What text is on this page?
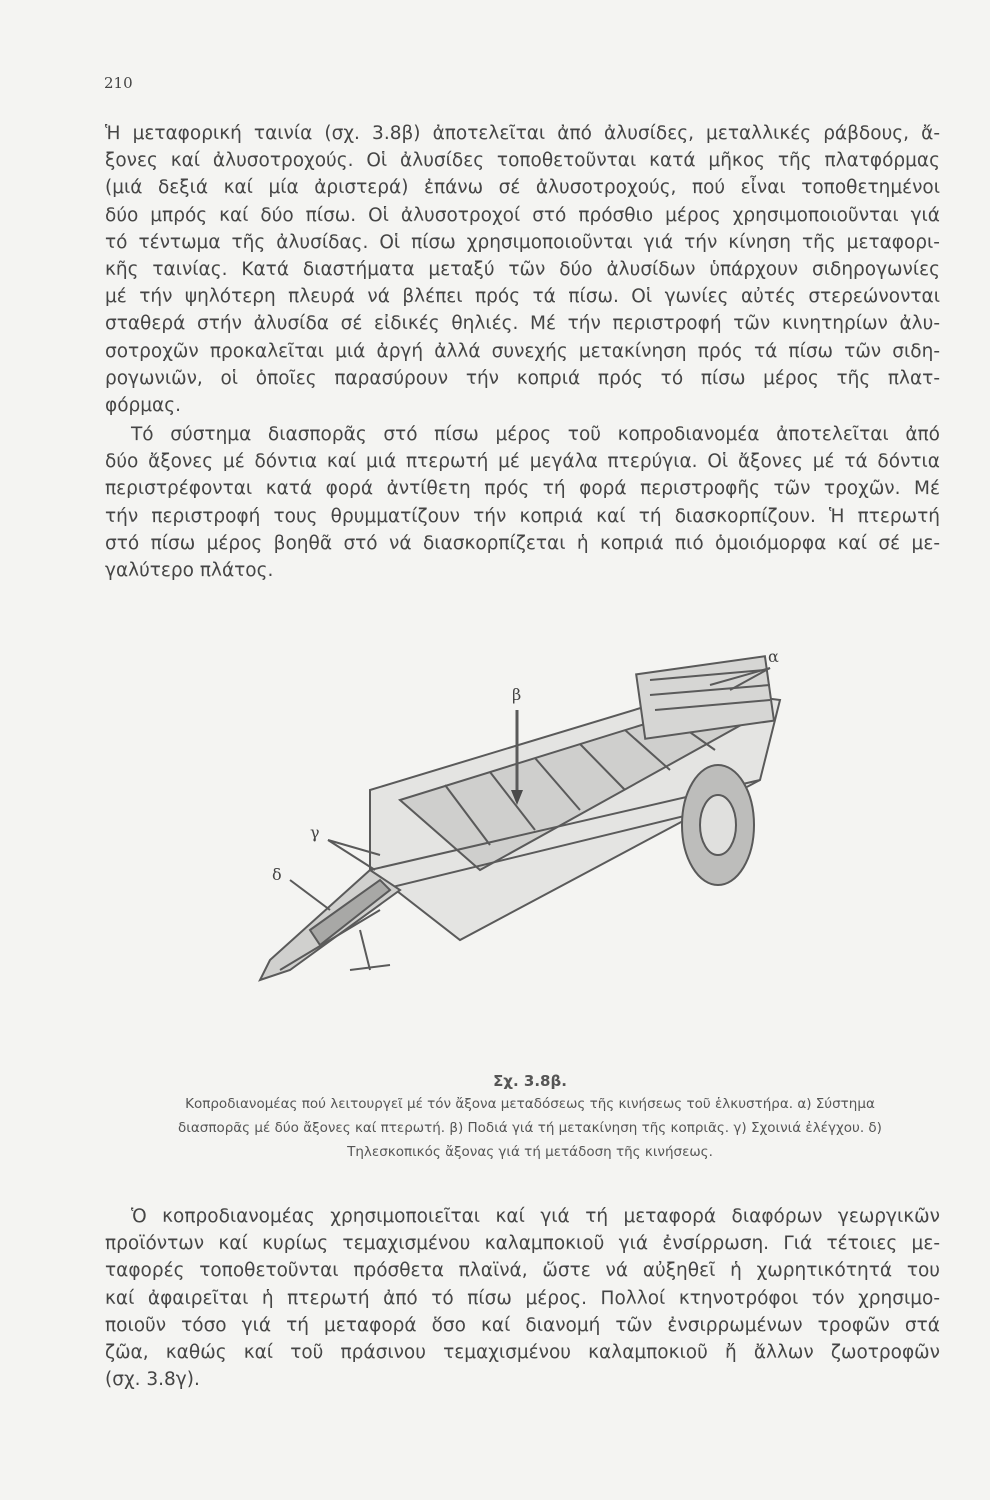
210
Ἡ μεταφορική ταινία (σχ. 3.8β) ἀποτελεῖται ἀπό ἀλυσίδες, μεταλλικές ράβδους, ἄ-
ξονες καί ἀλυσοτροχούς. Οἱ ἀλυσίδες τοποθετοῦνται κατά μῆκος τῆς πλατφόρμας
(μιά δεξιά καί μία ἀριστερά) ἐπάνω σέ ἀλυσοτροχούς, πού εἶναι τοποθετημένοι
δύο μπρός καί δύο πίσω. Οἱ ἀλυσοτροχοί στό πρόσθιο μέρος χρησιμοποιοῦνται γιά
τό τέντωμα τῆς ἀλυσίδας. Οἱ πίσω χρησιμοποιοῦνται γιά τήν κίνηση τῆς μεταφορι-
κῆς ταινίας. Κατά διαστήματα μεταξύ τῶν δύο ἀλυσίδων ὑπάρχουν σιδηρογωνίες
μέ τήν ψηλότερη πλευρά νά βλέπει πρός τά πίσω. Οἱ γωνίες αὐτές στερεώνονται
σταθερά στήν ἀλυσίδα σέ εἰδικές θηλιές. Μέ τήν περιστροφή τῶν κινητηρίων ἀλυ-
σοτροχῶν προκαλεῖται μιά ἀργή ἀλλά συνεχής μετακίνηση πρός τά πίσω τῶν σιδη-
ρογωνιῶν, οἱ ὁποῖες παρασύρουν τήν κοπριά πρός τό πίσω μέρος τῆς πλατ-
φόρμας.
Τό σύστημα διασπορᾶς στό πίσω μέρος τοῦ κοπροδιανομέα ἀποτελεῖται ἀπό
δύο ἄξονες μέ δόντια καί μιά πτερωτή μέ μεγάλα πτερύγια. Οἱ ἄξονες μέ τά δόντια
περιστρέφονται κατά φορά ἀντίθετη πρός τή φορά περιστροφῆς τῶν τροχῶν. Μέ
τήν περιστροφή τους θρυμματίζουν τήν κοπριά καί τή διασκορπίζουν. Ἡ πτερωτή
στό πίσω μέρος βοηθᾶ στό νά διασκορπίζεται ἡ κοπριά πιό ὁμοιόμορφα καί σέ με-
γαλύτερο πλάτος.
α
β
γ
δ
Σχ. 3.8β.
Κοπροδιανομέας πού λειτουργεῖ μέ τόν ἄξονα μεταδόσεως τῆς κινήσεως τοῦ ἑλκυστήρα. α) Σύστημα
διασπορᾶς μέ δύο ἄξονες καί πτερωτή. β) Ποδιά γιά τή μετακίνηση τῆς κοπριᾶς. γ) Σχοινιά ἐλέγχου. δ)
Τηλεσκοπικός ἄξονας γιά τή μετάδοση τῆς κινήσεως.
Ὁ κοπροδιανομέας χρησιμοποιεῖται καί γιά τή μεταφορά διαφόρων γεωργικῶν
προϊόντων καί κυρίως τεμαχισμένου καλαμποκιοῦ γιά ἐνσίρρωση. Γιά τέτοιες με-
ταφορές τοποθετοῦνται πρόσθετα πλαϊνά, ὥστε νά αὐξηθεῖ ἡ χωρητικότητά του
καί ἀφαιρεῖται ἡ πτερωτή ἀπό τό πίσω μέρος. Πολλοί κτηνοτρόφοι τόν χρησιμο-
ποιοῦν τόσο γιά τή μεταφορά ὅσο καί διανομή τῶν ἐνσιρρωμένων τροφῶν στά
ζῶα, καθώς καί τοῦ πράσινου τεμαχισμένου καλαμποκιοῦ ἤ ἄλλων ζωοτροφῶν
(σχ. 3.8γ).
